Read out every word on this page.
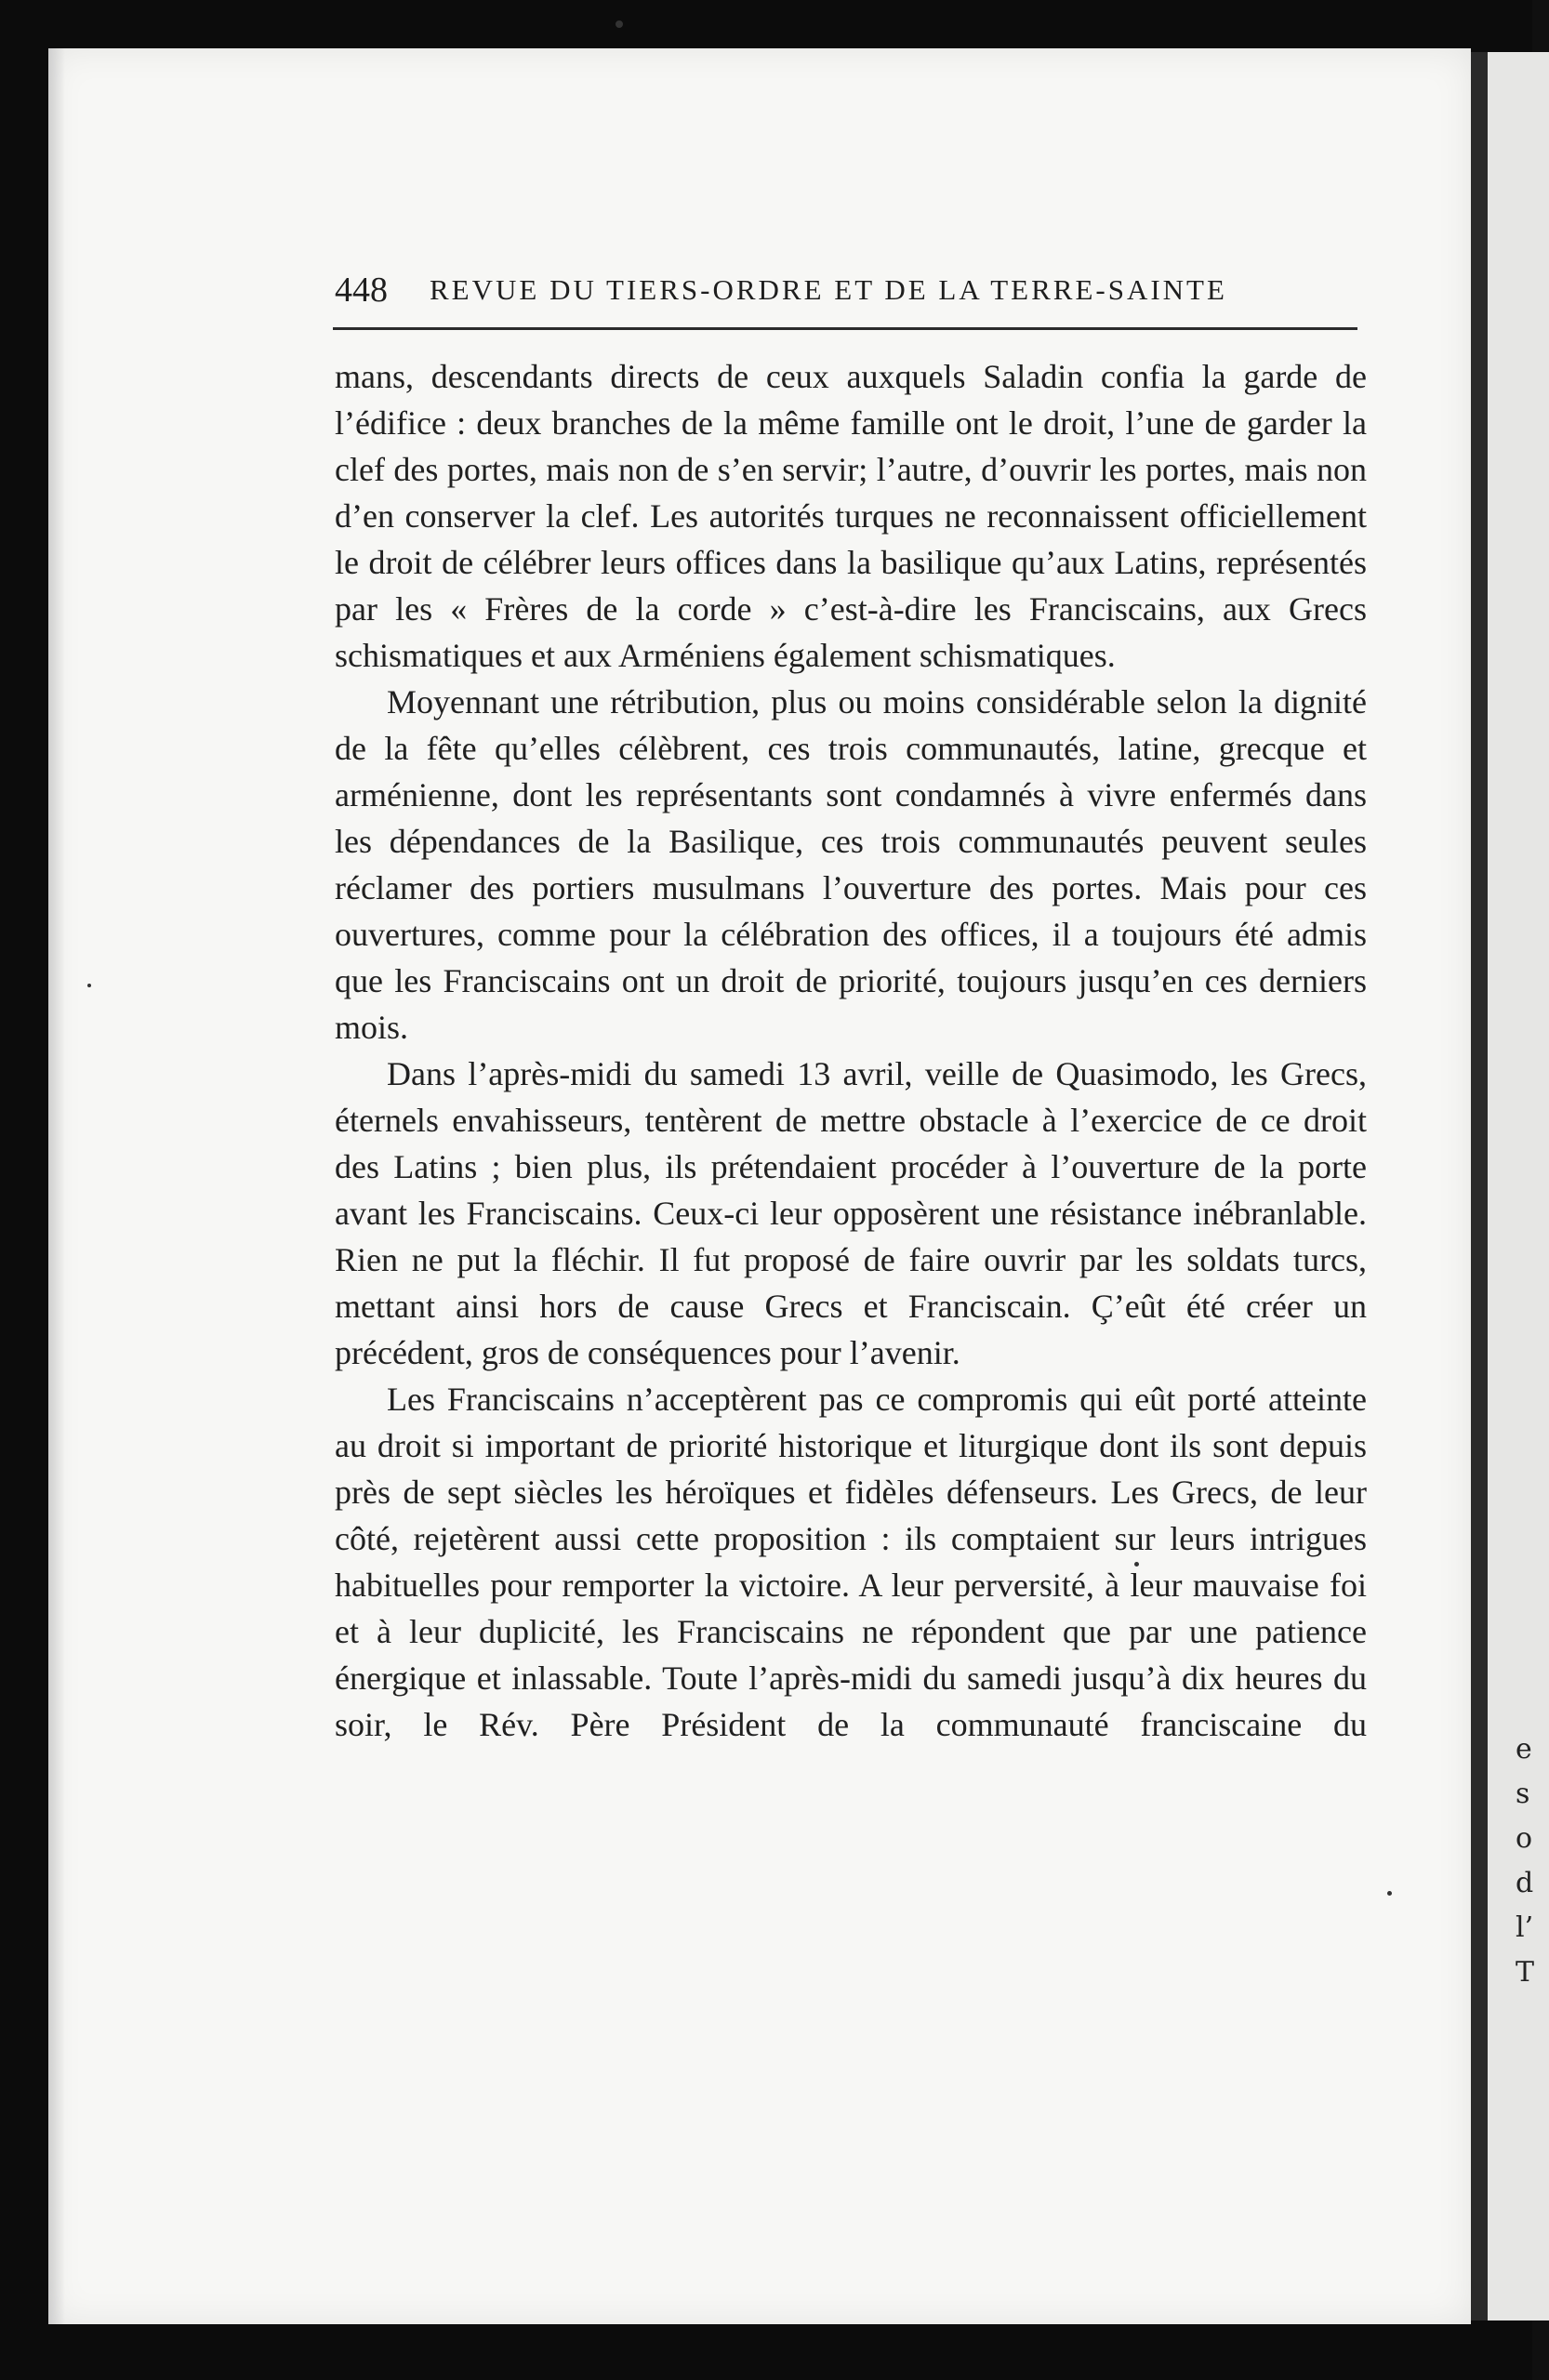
e
s
o
d
l’
T
448 REVUE DU TIERS-ORDRE ET DE LA TERRE-SAINTE

mans, descendants directs de ceux auxquels Saladin confia la garde de l’édifice : deux branches de la même famille ont le droit, l’une de garder la clef des portes, mais non de s’en servir; l’autre, d’ouvrir les portes, mais non d’en conserver la clef. Les autorités turques ne reconnaissent officiellement le droit de célébrer leurs offices dans la basilique qu’aux Latins, représentés par les « Frères de la corde » c’est-à-dire les Franciscains, aux Grecs schismatiques et aux Arméniens également schismatiques.

Moyennant une rétribution, plus ou moins considérable selon la dignité de la fête qu’elles célèbrent, ces trois communautés, latine, grecque et arménienne, dont les représentants sont condamnés à vivre enfermés dans les dépendances de la Basilique, ces trois communautés peuvent seules réclamer des portiers musulmans l’ouverture des portes. Mais pour ces ouvertures, comme pour la célébration des offices, il a toujours été admis que les Franciscains ont un droit de priorité, toujours jusqu’en ces derniers mois.

Dans l’après-midi du samedi 13 avril, veille de Quasimodo, les Grecs, éternels envahisseurs, tentèrent de mettre obstacle à l’exercice de ce droit des Latins ; bien plus, ils prétendaient procéder à l’ouverture de la porte avant les Franciscains. Ceux-ci leur opposèrent une résistance inébranlable. Rien ne put la fléchir. Il fut proposé de faire ouvrir par les soldats turcs, mettant ainsi hors de cause Grecs et Franciscain. Ç’eût été créer un précédent, gros de conséquences pour l’avenir.

Les Franciscains n’acceptèrent pas ce compromis qui eût porté atteinte au droit si important de priorité historique et liturgique dont ils sont depuis près de sept siècles les héroïques et fidèles défenseurs. Les Grecs, de leur côté, rejetèrent aussi cette proposition : ils comptaient sur leurs intrigues habituelles pour remporter la victoire. A leur perversité, à leur mauvaise foi et à leur duplicité, les Franciscains ne répondent que par une patience énergique et inlassable. Toute l’après-midi du samedi jusqu’à dix heures du soir, le Rév. Père Président de la communauté franciscaine du
